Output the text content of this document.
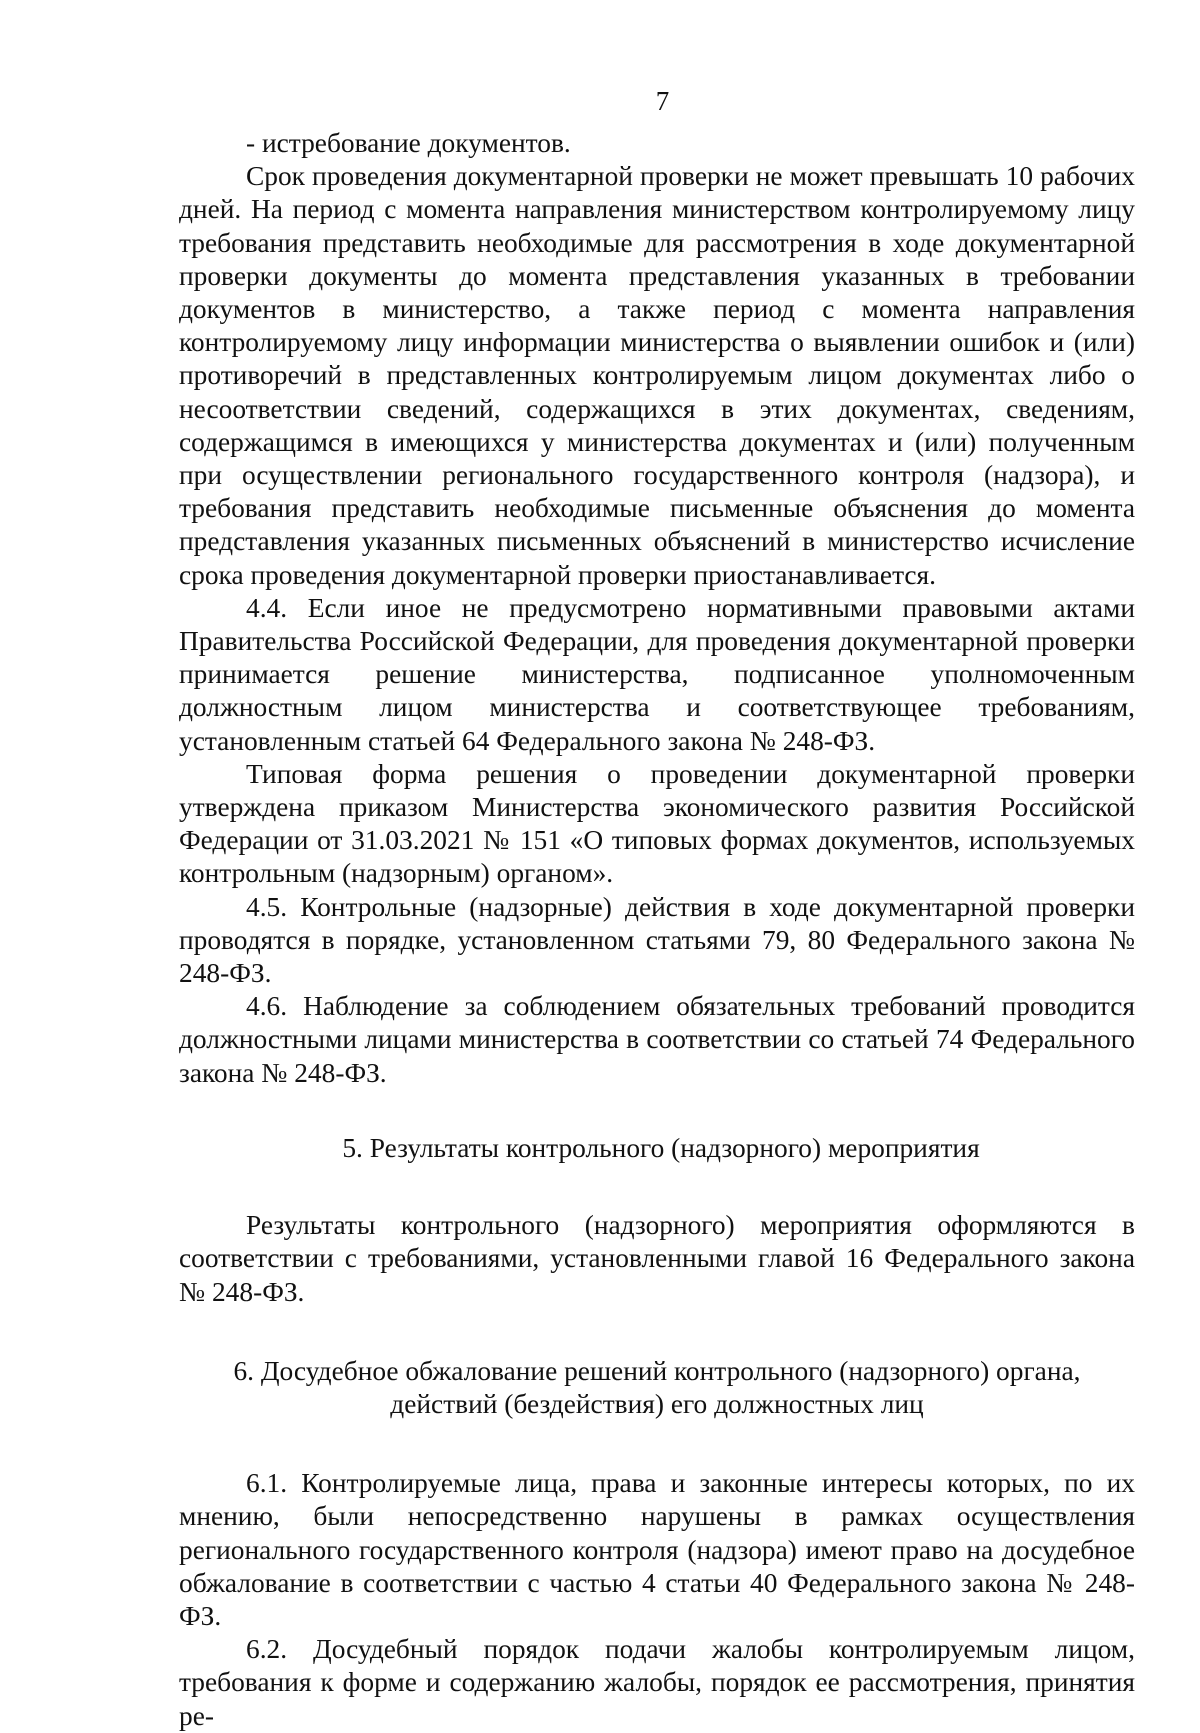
7

- истребование документов.

Срок проведения документарной проверки не может превышать 10 рабочих дней. На период с момента направления министерством контролируемому лицу требования представить необходимые для рассмотрения в ходе документарной проверки документы до момента представления указанных в требовании документов в министерство, а также период с момента направления контролируемому лицу информации министерства о выявлении ошибок и (или) противоречий в представленных контролируемым лицом документах либо о несоответствии сведений, содержащихся в этих документах, сведениям, содержащимся в имеющихся у министерства документах и (или) полученным при осуществлении регионального государственного контроля (надзора), и требования представить необходимые письменные объяснения до момента представления указанных письменных объяснений в министерство исчисление срока проведения документарной проверки приостанавливается.

4.4. Если иное не предусмотрено нормативными правовыми актами Правительства Российской Федерации, для проведения документарной проверки принимается решение министерства, подписанное уполномоченным должностным лицом министерства и соответствующее требованиям, установленным статьей 64 Федерального закона № 248-ФЗ.

Типовая форма решения о проведении документарной проверки утверждена приказом Министерства экономического развития Российской Федерации от 31.03.2021 № 151 «О типовых формах документов, используемых контрольным (надзорным) органом».

4.5. Контрольные (надзорные) действия в ходе документарной проверки проводятся в порядке, установленном статьями 79, 80 Федерального закона № 248-ФЗ.

4.6. Наблюдение за соблюдением обязательных требований проводится должностными лицами министерства в соответствии со статьей 74 Федерального закона № 248-ФЗ.

5. Результаты контрольного (надзорного) мероприятия

Результаты контрольного (надзорного) мероприятия оформляются в соответствии с требованиями, установленными главой 16 Федерального закона № 248-ФЗ.

6. Досудебное обжалование решений контрольного (надзорного) органа,
действий (бездействия) его должностных лиц

6.1. Контролируемые лица, права и законные интересы которых, по их мнению, были непосредственно нарушены в рамках осуществления регионального государственного контроля (надзора) имеют право на досудебное обжалование в соответствии с частью 4 статьи 40 Федерального закона № 248-ФЗ.

6.2. Досудебный порядок подачи жалобы контролируемым лицом, требования к форме и содержанию жалобы, порядок ее рассмотрения, принятия ре-
